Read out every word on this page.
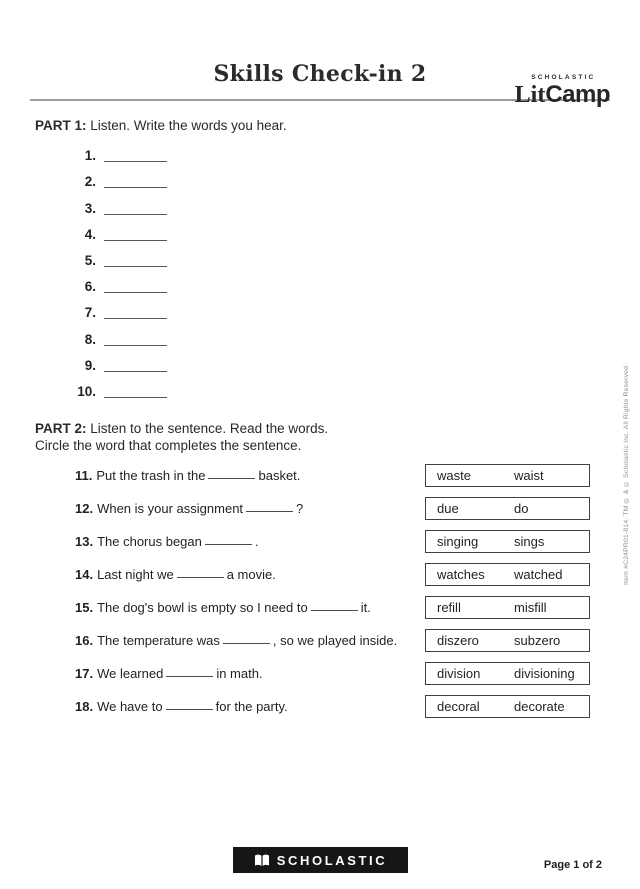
SCHOLASTIC
LitCamp
Skills Check-in 2
PART 1: Listen. Write the words you hear.
1.
2.
3.
4.
5.
6.
7.
8.
9.
10.
PART 2: Listen to the sentence. Read the words.
Circle the word that completes the sentence.
11. Put the trash in the	basket.	waste	waist
12. When is your assignment	?	due	do
13. The chorus began	.	singing	sings
14. Last night we	a movie.	watches	watched
15. The dog's bowl is empty so I need to	it.	refill	misfill
16. The temperature was	, so we played inside.	diszero	subzero
17. We learned	in math.	division	divisioning
18. We have to	for the party.	decoral	decorate
Item #C24PR01-814. TM ® & © Scholastic Inc. All Rights Reserved.
SCHOLASTIC	Page 1 of 2
